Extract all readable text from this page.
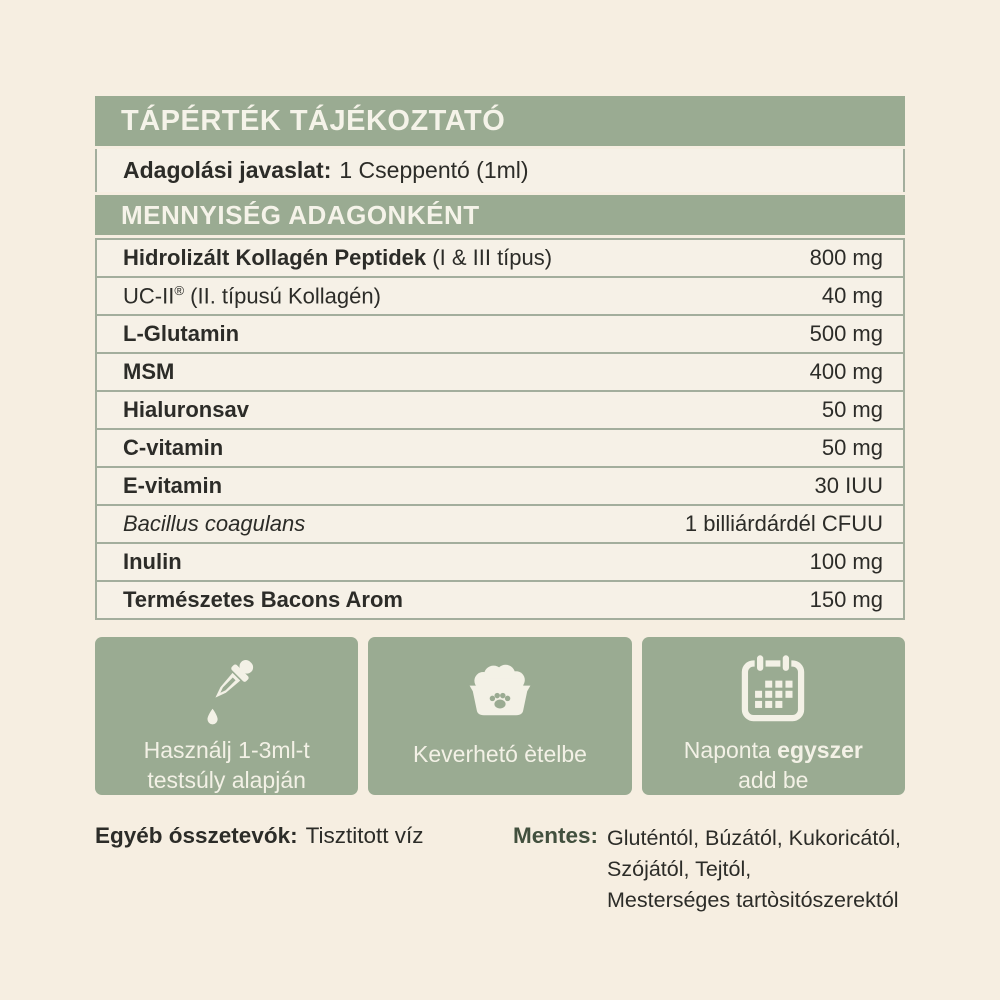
TÁPÉRTÉK TÁJÉKOZTATÓ
Adagolási javaslat: 1 Cseppentó (1ml)
MENNYISÉG ADAGONKÉNT
Hidrolizált Kollagén Peptidek (I & III típus)	800 mg
UC-II® (II. típusú Kollagén)	40 mg
L-Glutamin	500 mg
MSM	400 mg
Hialuronsav	50 mg
C-vitamin	50 mg
E-vitamin	30 IUU
Bacillus coagulans	1 billiárdárdél CFUU
Inulin	100 mg
Természetes Bacons Arom	150 mg
Használj 1-3ml-t
testsúly alapján
Keverhetó ètelbe	Naponta egyszer
add be
Egyéb ósszetevók: Tisztitott víz	Mentes: Gluténtól, Búzától, Kukoricától,
Szójától, Tejtól,
Mesterséges tartòsitószerektól
